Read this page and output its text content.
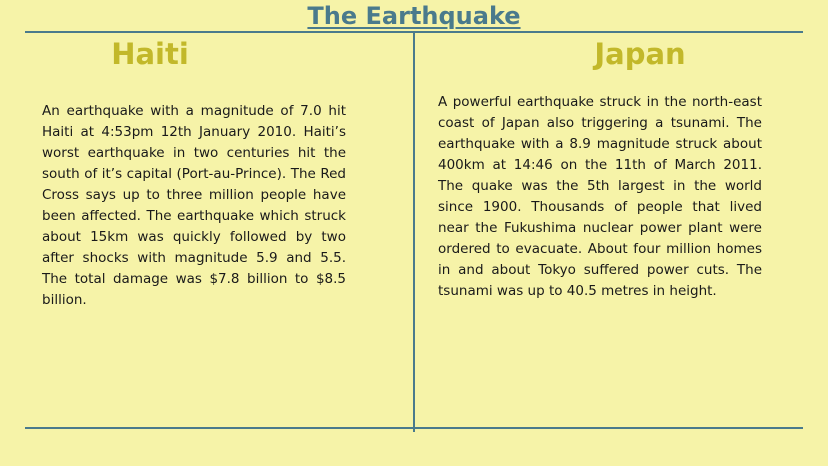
The Earthquake
Haiti
An earthquake with a magnitude of 7.0 hit Haiti at 4:53pm 12th January 2010. Haiti’s worst earthquake in two centuries hit the south of it’s capital (Port-au-Prince). The Red Cross says up to three million people have been affected. The earthquake which struck about 15km was quickly followed by two after shocks with magnitude 5.9 and 5.5. The total damage was $7.8 billion to $8.5 billion.
Japan
A powerful earthquake struck in the north-east coast of Japan also triggering a tsunami. The earthquake with a 8.9 magnitude struck about 400km at 14:46 on the 11th of March 2011. The quake was the 5th largest in the world since 1900. Thousands of people that lived near the Fukushima nuclear power plant were ordered to evacuate. About four million homes in and about Tokyo suffered power cuts. The tsunami was up to 40.5 metres in height.
